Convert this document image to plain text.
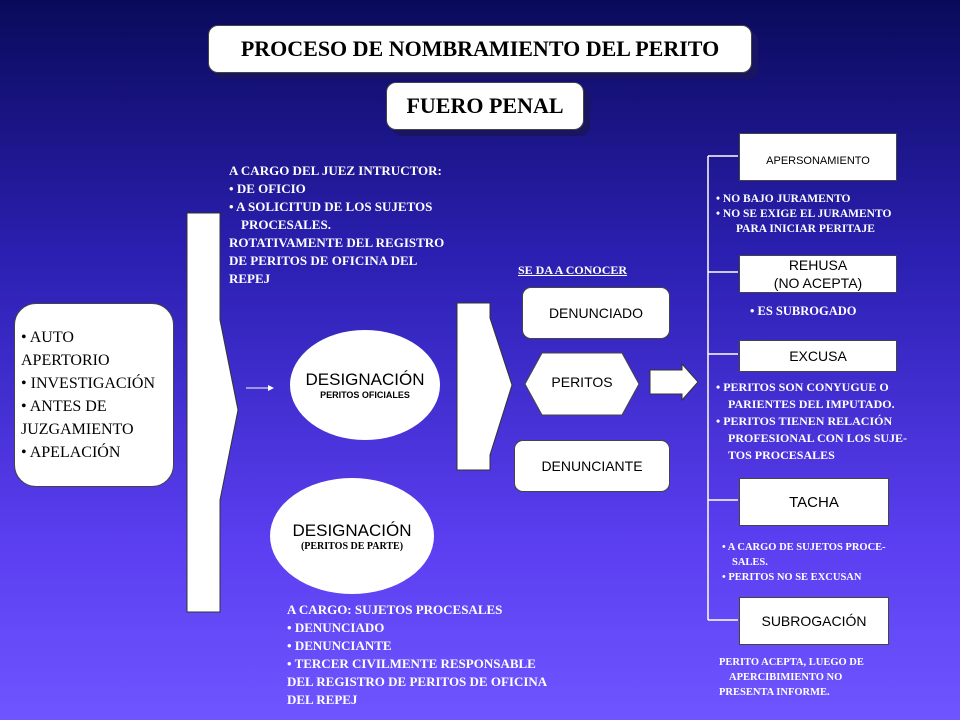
PROCESO DE NOMBRAMIENTO DEL PERITO
FUERO PENAL
• AUTO APERTORIO
• INVESTIGACIÓN
• ANTES DE JUZGAMIENTO
• APELACIÓN
A CARGO DEL JUEZ INTRUCTOR:
• DE OFICIO
• A SOLICITUD DE LOS SUJETOS
PROCESALES.
ROTATIVAMENTE DEL REGISTRO
DE PERITOS DE OFICINA DEL
REPEJ
DESIGNACIÓN
PERITOS OFICIALES
DESIGNACIÓN
(PERITOS DE PARTE)
A CARGO: SUJETOS PROCESALES
• DENUNCIADO
• DENUNCIANTE
• TERCER CIVILMENTE RESPONSABLE
DEL REGISTRO DE PERITOS DE OFICINA
DEL REPEJ
SE DA A CONOCER
DENUNCIADO
PERITOS
DENUNCIANTE
APERSONAMIENTO
• NO BAJO JURAMENTO
• NO SE EXIGE EL JURAMENTO
PARA INICIAR PERITAJE
REHUSA
(NO ACEPTA)
• ES SUBROGADO
EXCUSA
• PERITOS SON CONYUGUE O
PARIENTES DEL IMPUTADO.
• PERITOS TIENEN RELACIÓN
PROFESIONAL CON LOS SUJE-
TOS PROCESALES
TACHA
• A CARGO DE SUJETOS PROCE-
SALES.
• PERITOS NO SE EXCUSAN
SUBROGACIÓN
PERITO ACEPTA, LUEGO DE
APERCIBIMIENTO NO
PRESENTA INFORME.
